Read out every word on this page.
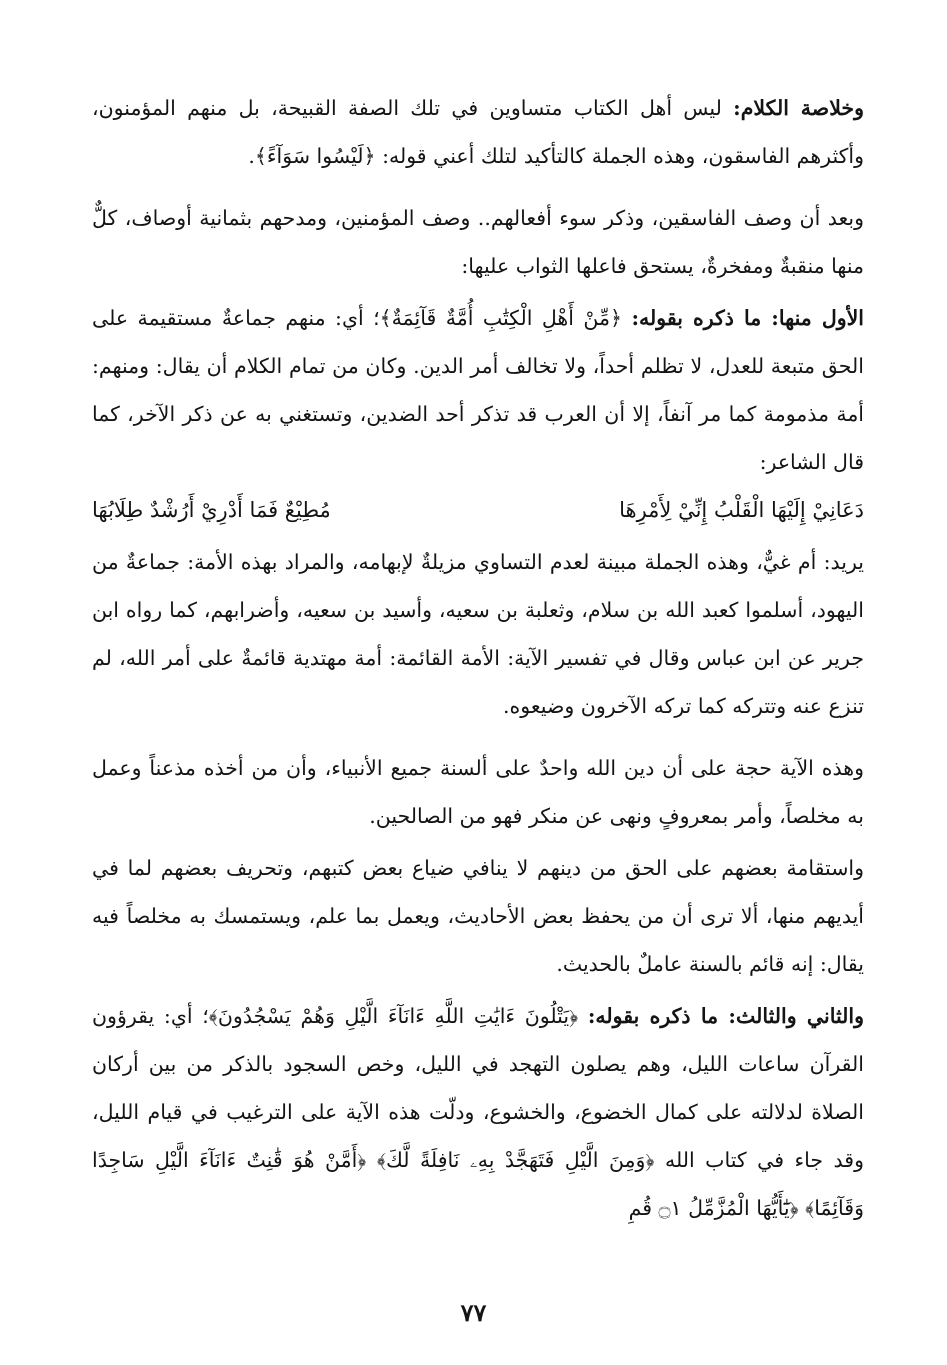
وخلاصة الكلام: ليس أهل الكتاب متساوين في تلك الصفة القبيحة، بل منهم المؤمنون، وأكثرهم الفاسقون، وهذه الجملة كالتأكيد لتلك أعني قوله: ﴿لَيْسُوا سَوَآءً﴾.

وبعد أن وصف الفاسقين، وذكر سوء أفعالهم.. وصف المؤمنين، ومدحهم بثمانية أوصاف، كلٌّ منها منقبةٌ ومفخرةٌ، يستحق فاعلها الثواب عليها:

الأول منها: ما ذكره بقوله: ﴿مِّنْ أَهْلِ الْكِتَٰبِ أُمَّةٌ قَآئِمَةٌ﴾؛ أي: منهم جماعةٌ مستقيمة على الحق متبعة للعدل، لا تظلم أحداً، ولا تخالف أمر الدين. وكان من تمام الكلام أن يقال: ومنهم: أمة مذمومة كما مر آنفاً، إلا أن العرب قد تذكر أحد الضدين، وتستغني به عن ذكر الآخر، كما قال الشاعر:

دَعَانِيْ إِلَيْهَا الْقَلْبُ إِنِّيْ لِأَمْرِهَا
مُطِيْعٌ فَمَا أَدْرِيْ أَرُشْدٌ طِلَابُهَا

يريد: أم غيٌّ، وهذه الجملة مبينة لعدم التساوي مزيلةٌ لإبهامه، والمراد بهذه الأمة: جماعةٌ من اليهود، أسلموا كعبد الله بن سلام، وثعلبة بن سعيه، وأسيد بن سعيه، وأضرابهم، كما رواه ابن جرير عن ابن عباس وقال في تفسير الآية: الأمة القائمة: أمة مهتدية قائمةٌ على أمر الله، لم تنزع عنه وتتركه كما تركه الآخرون وضيعوه.

وهذه الآية حجة على أن دين الله واحدٌ على ألسنة جميع الأنبياء، وأن من أخذه مذعناً وعمل به مخلصاً، وأمر بمعروفٍ ونهى عن منكر فهو من الصالحين.

واستقامة بعضهم على الحق من دينهم لا ينافي ضياع بعض كتبهم، وتحريف بعضهم لما في أيديهم منها، ألا ترى أن من يحفظ بعض الأحاديث، ويعمل بما علم، ويستمسك به مخلصاً فيه يقال: إنه قائم بالسنة عاملٌ بالحديث.

والثاني والثالث: ما ذكره بقوله: ﴿يَتْلُونَ ءَايَٰتِ اللَّهِ ءَانَآءَ الَّيْلِ وَهُمْ يَسْجُدُونَ﴾؛ أي: يقرؤون القرآن ساعات الليل، وهم يصلون التهجد في الليل، وخص السجود بالذكر من بين أركان الصلاة لدلالته على كمال الخضوع، والخشوع، ودلّت هذه الآية على الترغيب في قيام الليل، وقد جاء في كتاب الله ﴿وَمِنَ الَّيْلِ فَتَهَجَّدْ بِهِۦ نَافِلَةً لَّكَ﴾ ﴿أَمَّنْ هُوَ قَٰنِتٌ ءَانَآءَ الَّيْلِ سَاجِدًا وَقَآئِمًا﴾ ﴿يَٰٓأَيُّهَا الْمُزَّمِّلُ ۝١ قُمِ

٧٧
